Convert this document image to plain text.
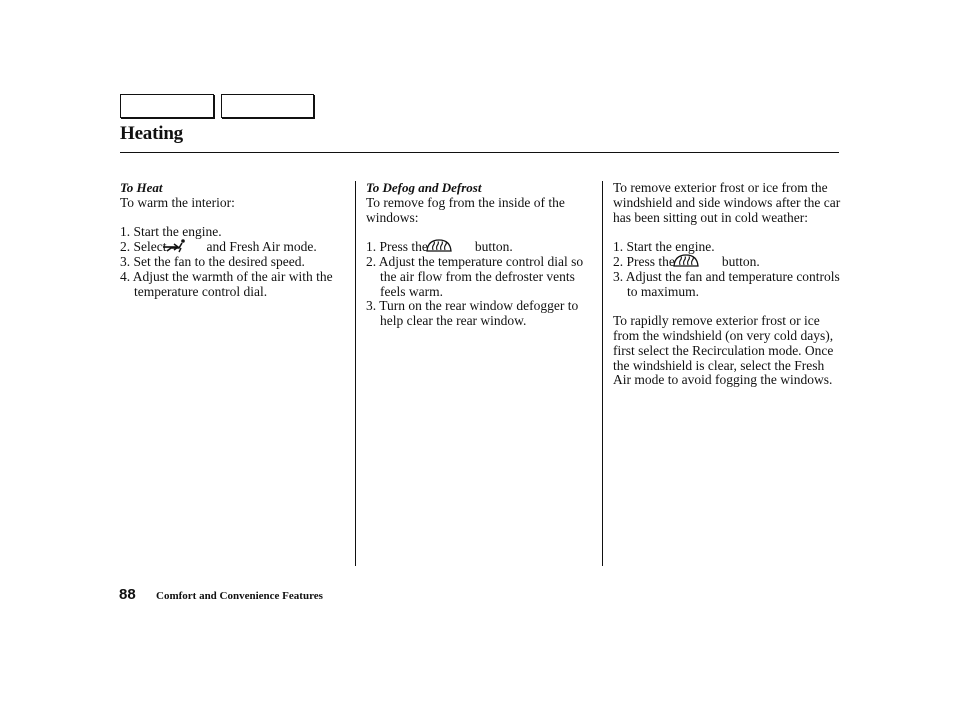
Heating
To Heat
To warm the interior:
1. Start the engine.
2. Select	and Fresh Air mode.
3. Set the fan to the desired speed.
4. Adjust the warmth of the air with the temperature control dial.
To Defog and Defrost
To remove fog from the inside of the windows:
1. Press the	button.
2. Adjust the temperature control dial so the air flow from the defroster vents feels warm.
3. Turn on the rear window defogger to help clear the rear window.
To remove exterior frost or ice from the windshield and side windows after the car has been sitting out in cold weather:
1. Start the engine.
2. Press the	button.
3. Adjust the fan and temperature controls to maximum.
To rapidly remove exterior frost or ice from the windshield (on very cold days), first select the Recirculation mode. Once the windshield is clear, select the Fresh Air mode to avoid fogging the windows.
88 Comfort and Convenience Features
